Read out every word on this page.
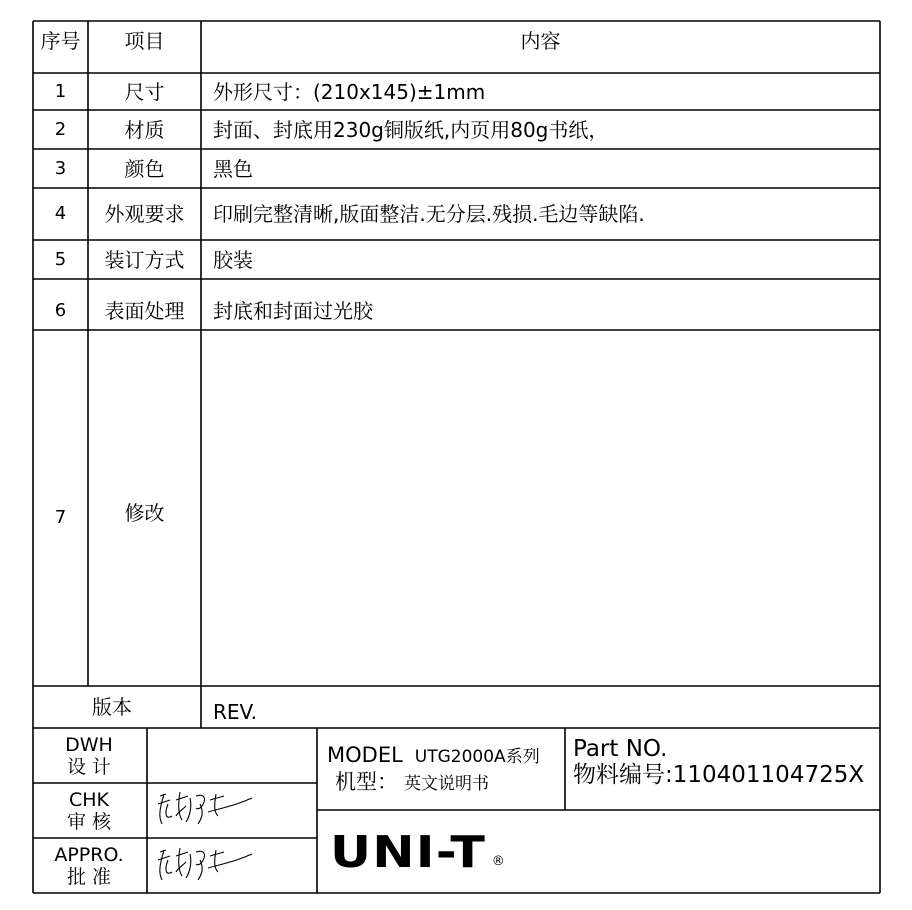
序号	项目	内容
1	尺寸	外形尺寸：(210x145)±1mm
2	材质	封面、封底用230g铜版纸,内页用80g书纸，
3	颜色	黑色
4	外观要求	印刷完整清晰,版面整洁.无分层.残损.毛边等缺陷.
5	装订方式	胶装
6	表面处理	封底和封面过光胶
7	修改
版本	REV.
DWH
设 计
CHK
审 核
APPRO.
批 准
MODEL UTG2000A系列
机型： 英文说明书
Part NO.
物料编号: 110401104725X
UNI-T ®
